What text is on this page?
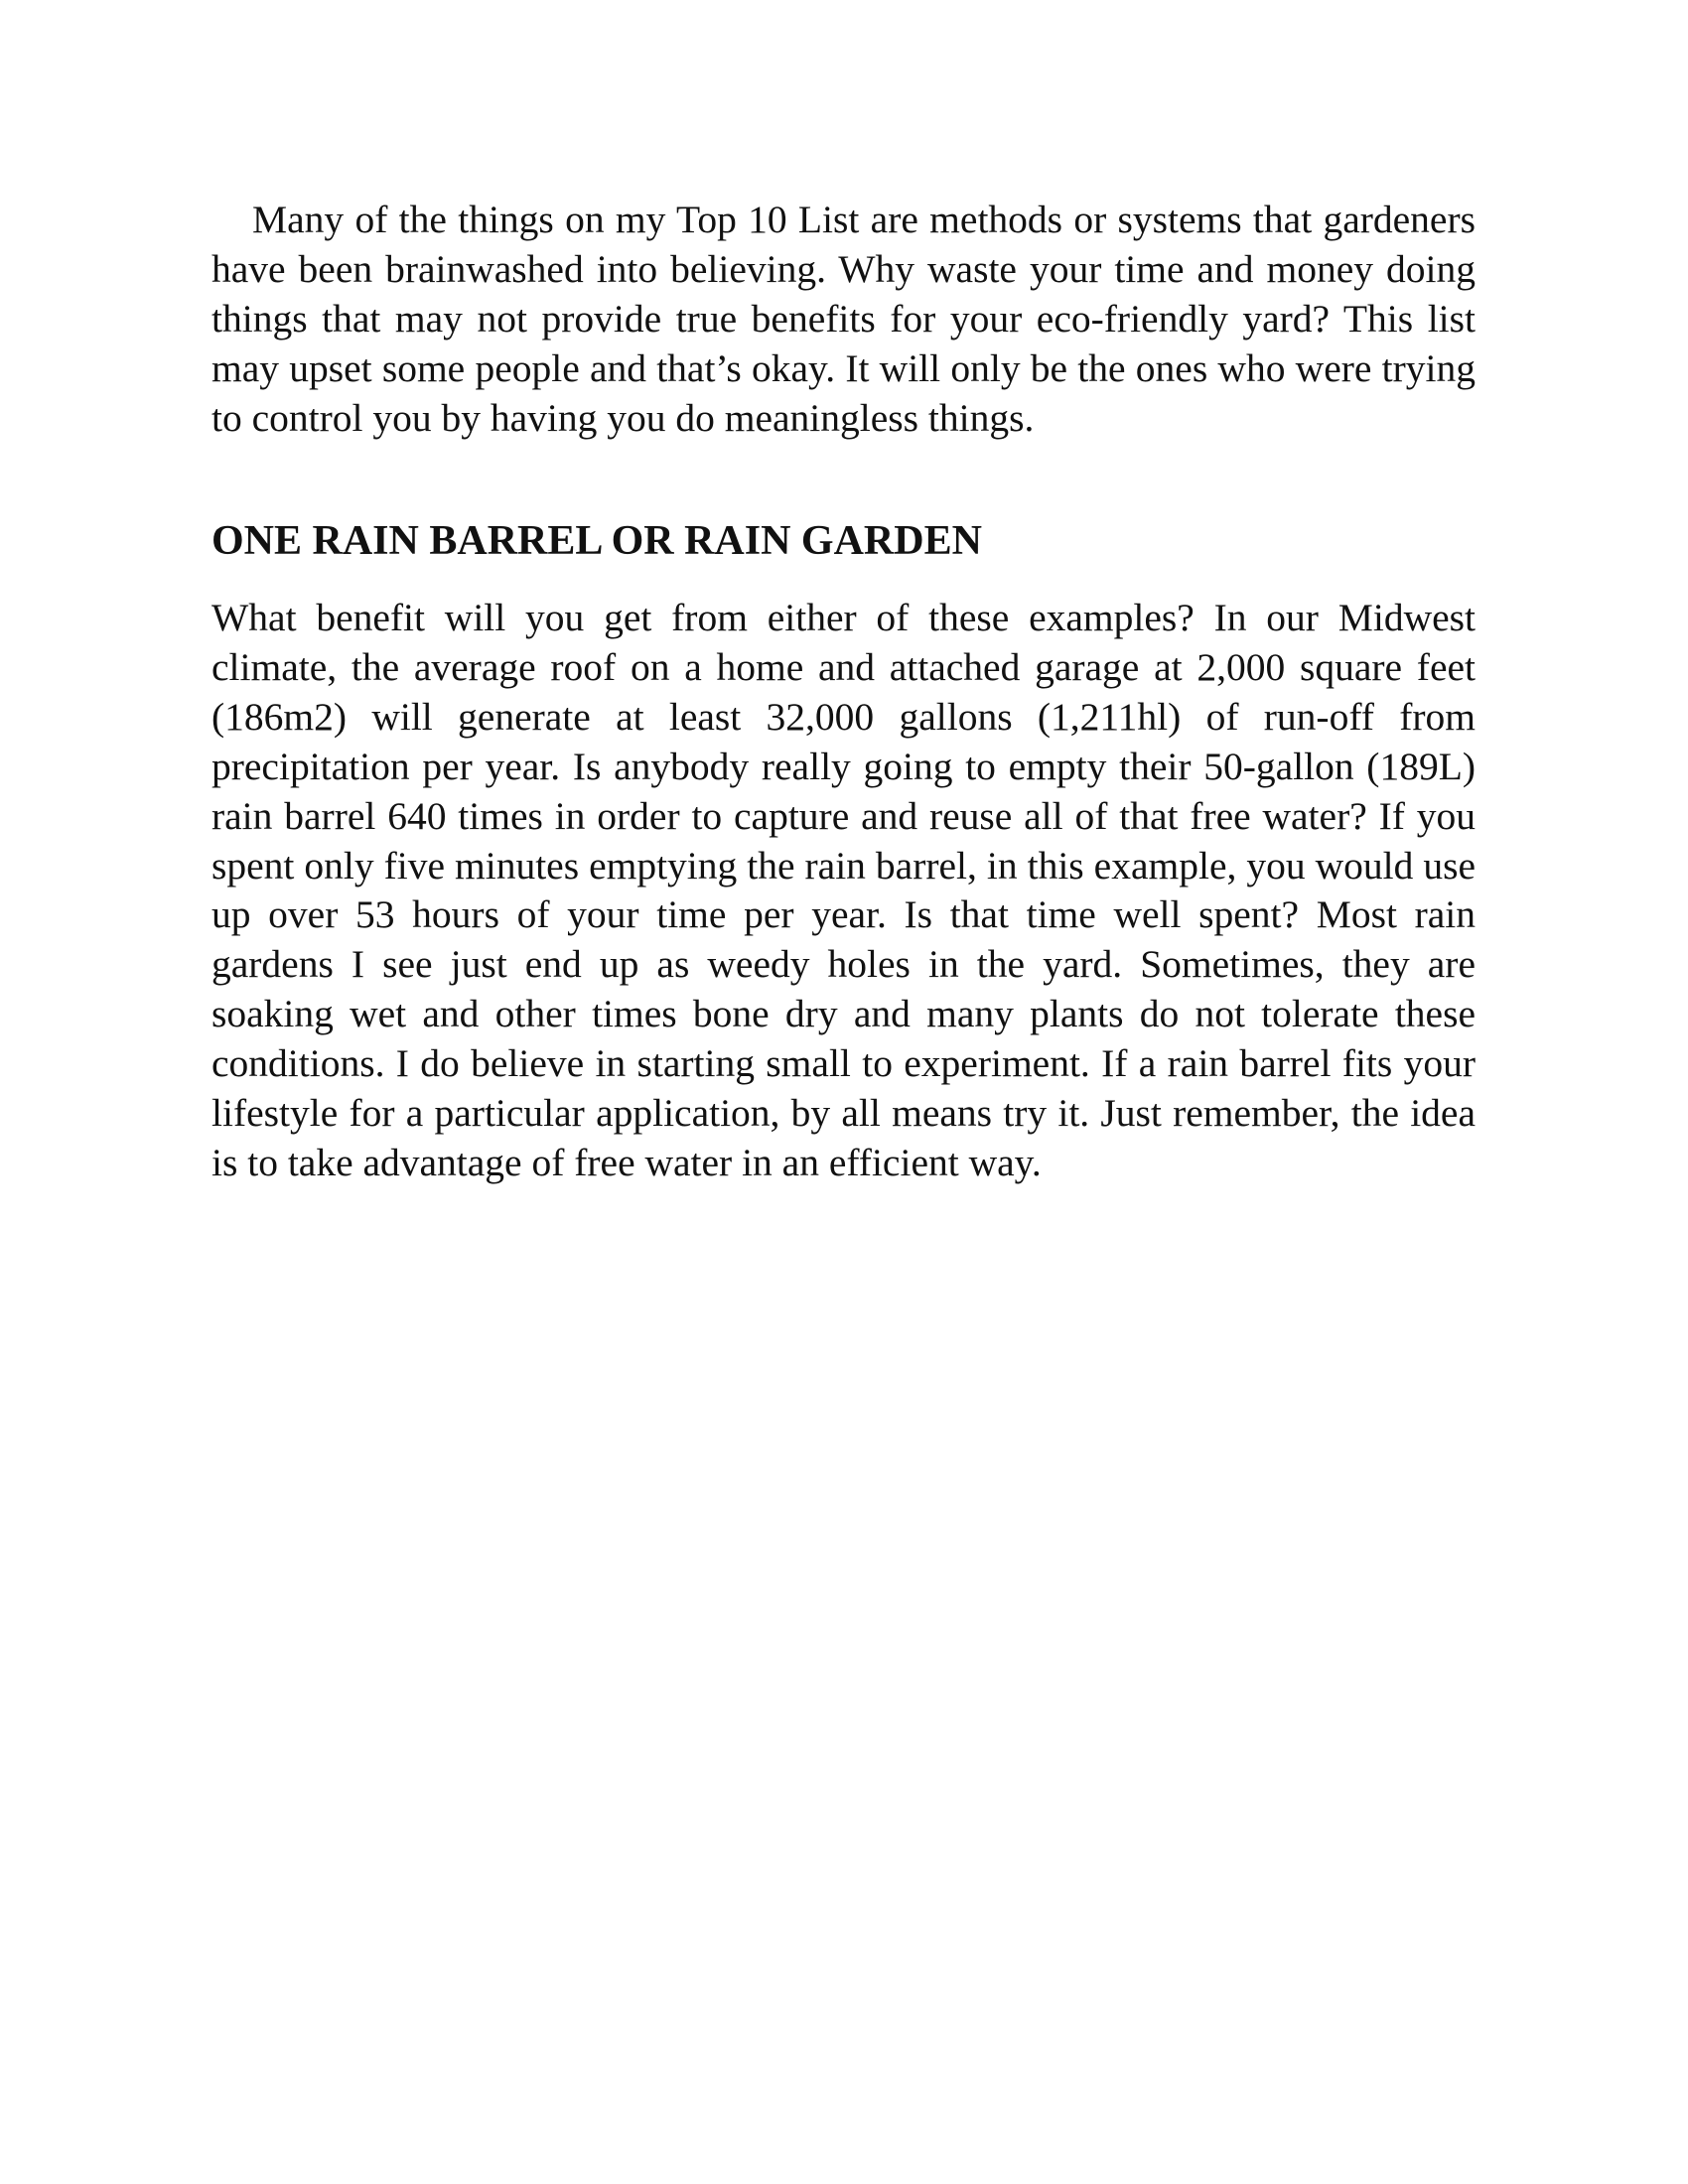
Many of the things on my Top 10 List are methods or systems that gardeners have been brainwashed into believing. Why waste your time and money doing things that may not provide true benefits for your eco-friendly yard? This list may upset some people and that’s okay. It will only be the ones who were trying to control you by having you do meaningless things.

ONE RAIN BARREL OR RAIN GARDEN

What benefit will you get from either of these examples? In our Midwest climate, the average roof on a home and attached garage at 2,000 square feet (186m2) will generate at least 32,000 gallons (1,211hl) of run-off from precipitation per year. Is anybody really going to empty their 50-gallon (189L) rain barrel 640 times in order to capture and reuse all of that free water? If you spent only five minutes emptying the rain barrel, in this example, you would use up over 53 hours of your time per year. Is that time well spent? Most rain gardens I see just end up as weedy holes in the yard. Sometimes, they are soaking wet and other times bone dry and many plants do not tolerate these conditions. I do believe in starting small to experiment. If a rain barrel fits your lifestyle for a particular application, by all means try it. Just remember, the idea is to take advantage of free water in an efficient way.
